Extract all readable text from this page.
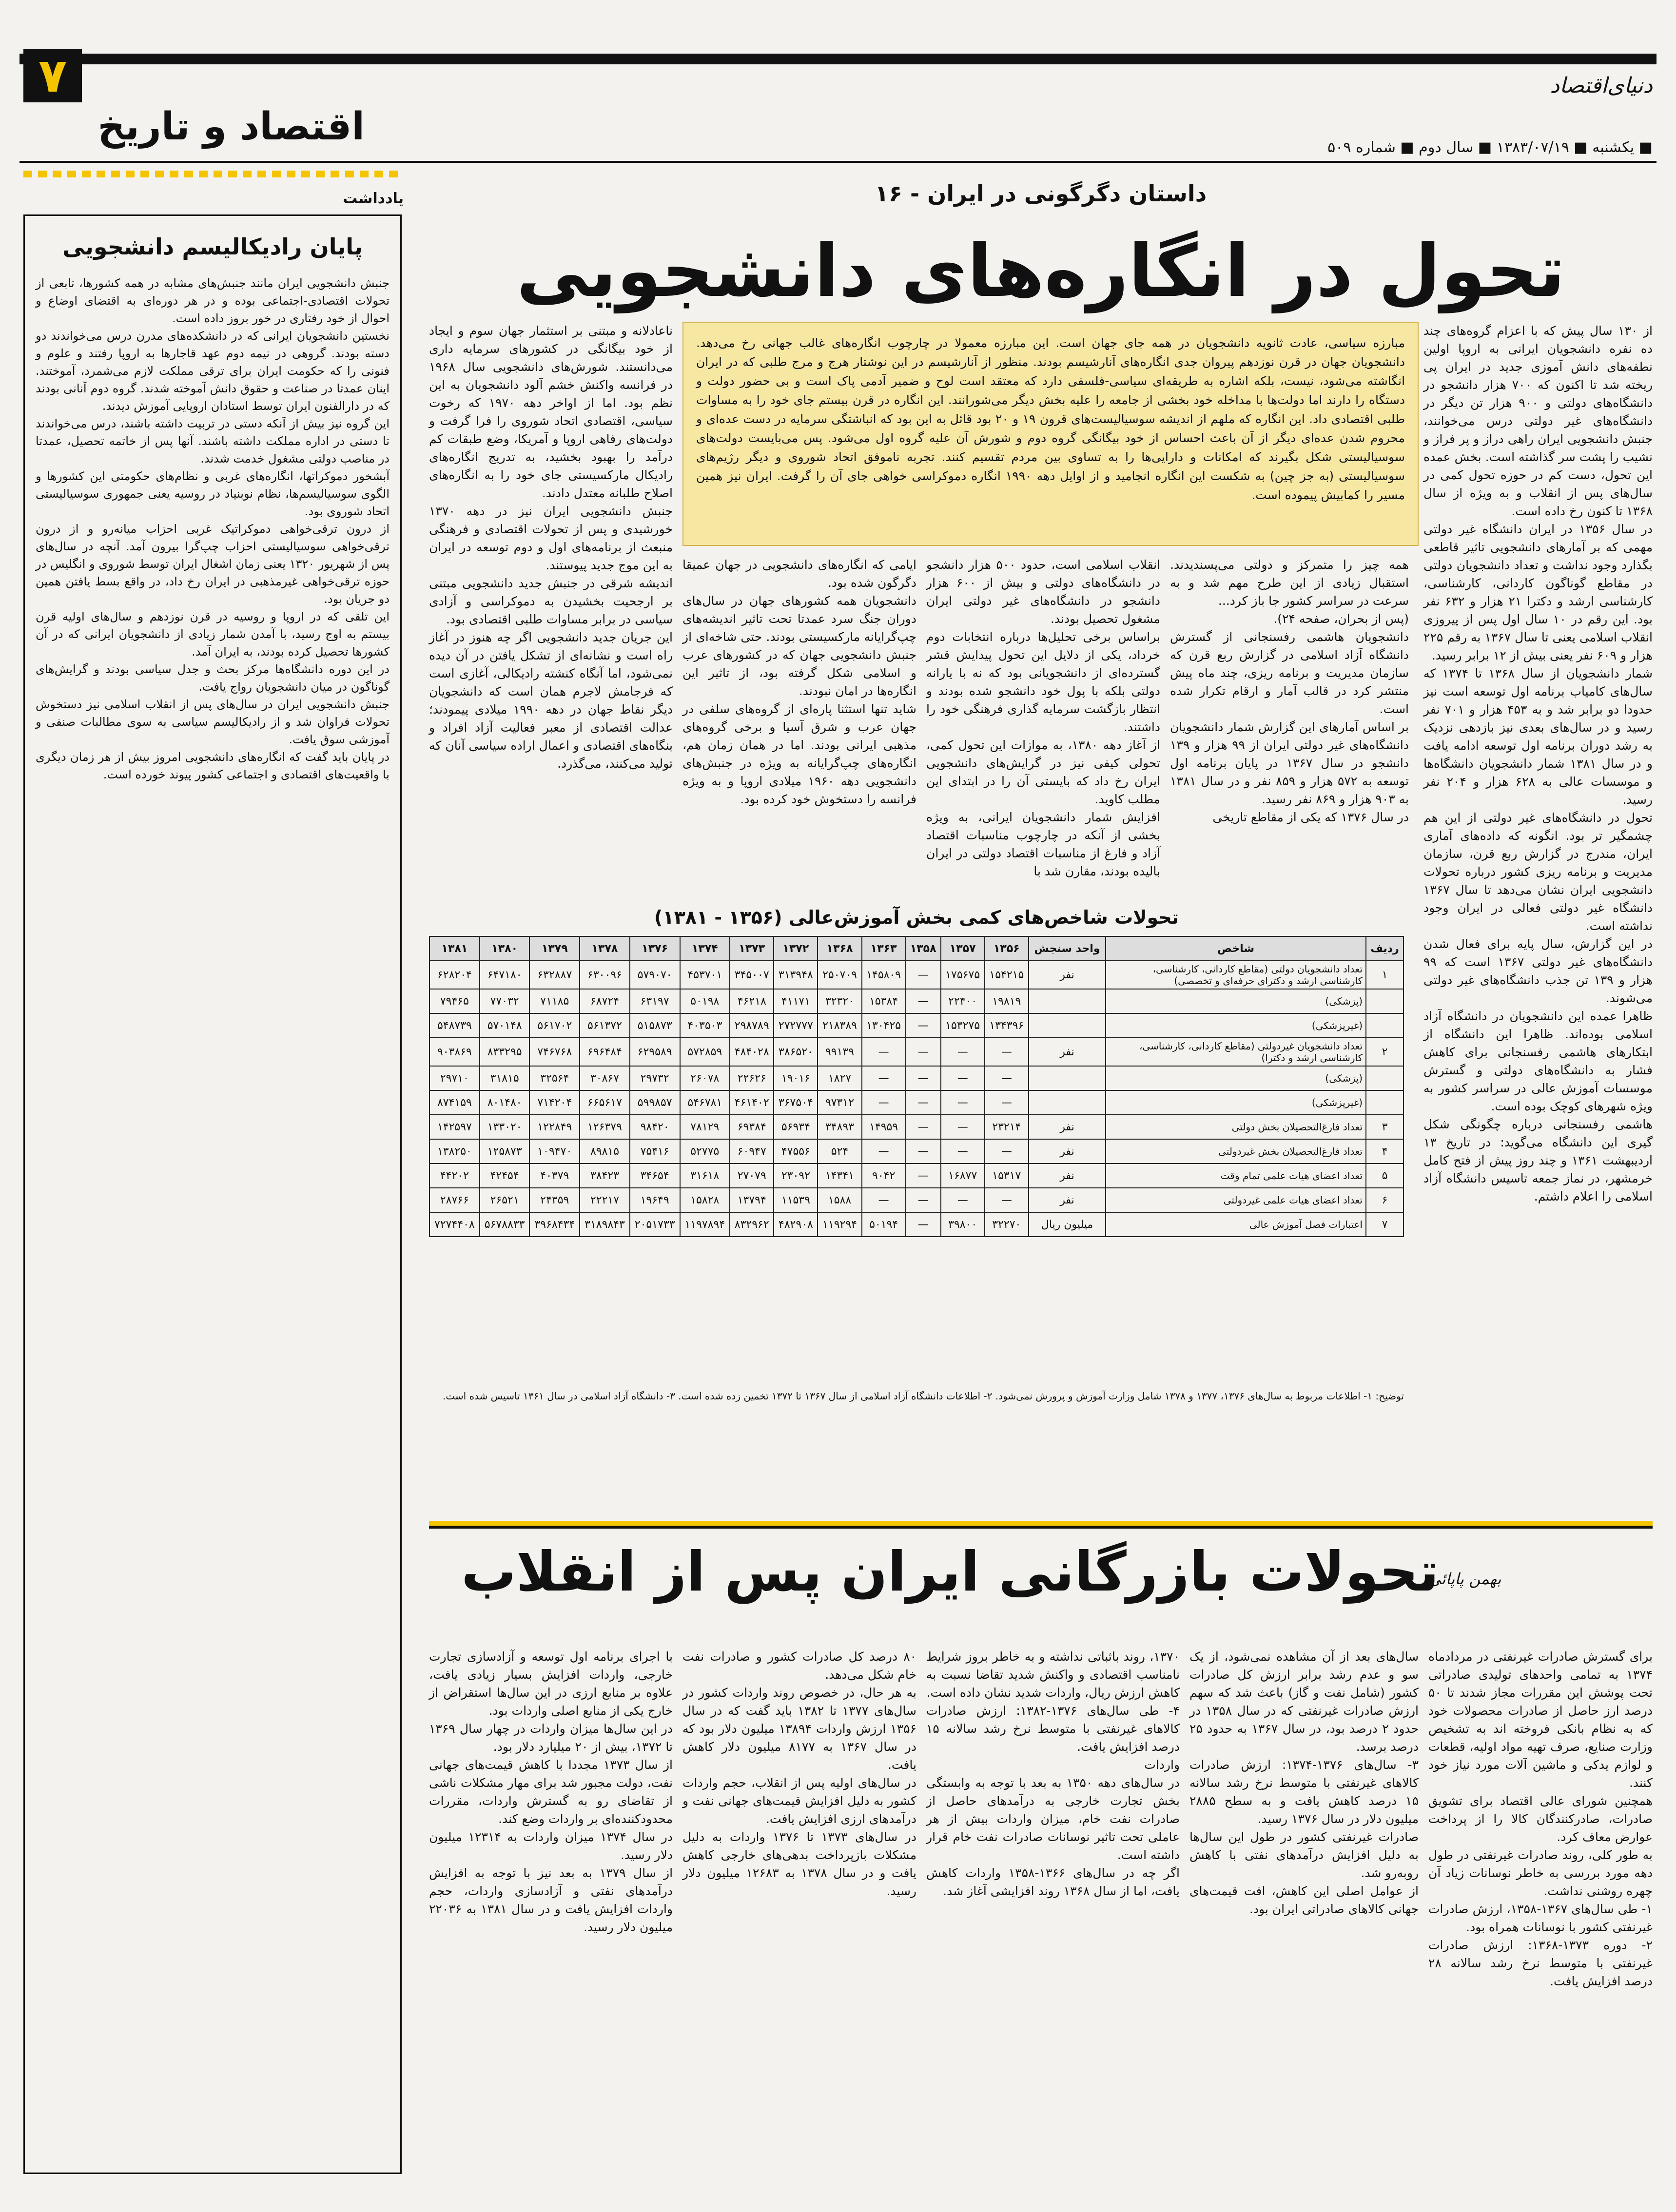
۷
اقتصاد و تاریخ
دنیای‌اقتصاد
■ یکشنبه ■ ۱۳۸۳/۰۷/۱۹ ■ سال دوم ■ شماره ۵۰۹
یادداشت
پایان رادیکالیسم دانشجویی
جنبش دانشجویی ایران مانند جنبش‌های مشابه در همه کشورها، تابعی از تحولات اقتصادی-اجتماعی بوده و در هر دوره‌ای به اقتضای اوضاع و احوال از خود رفتاری در خور بروز داده است.
نخستین دانشجویان ایرانی که در دانشکده‌های مدرن درس می‌خواندند دو دسته بودند. گروهی در نیمه دوم عهد قاجارها به اروپا رفتند و علوم و فنونی را که حکومت ایران برای ترقی مملکت لازم می‌شمرد، آموختند. اینان عمدتا در صناعت و حقوق دانش آموخته شدند. گروه دوم آنانی بودند که در دارالفنون ایران توسط استادان اروپایی آموزش دیدند.
این گروه نیز بیش از آنکه دستی در تربیت داشته باشند، درس می‌خواندند تا دستی در اداره مملکت داشته باشند. آنها پس از خاتمه تحصیل، عمدتا در مناصب دولتی مشغول خدمت شدند.
آبشخور دموکراتها، انگاره‌های غربی و نظام‌های حکومتی این کشورها و الگوی سوسیالیسم‌ها، نظام نوبنیاد در روسیه یعنی جمهوری سوسیالیستی اتحاد شوروی بود.
از درون ترقی‌خواهی دموکراتیک غربی احزاب میانه‌رو و از درون ترقی‌خواهی سوسیالیستی احزاب چپ‌گرا بیرون آمد. آنچه در سال‌های پس از شهریور ۱۳۲۰ یعنی زمان اشغال ایران توسط شوروی و انگلیس در حوزه ترقی‌خواهی غیرمذهبی در ایران رخ داد، در واقع بسط یافتن همین دو جریان بود.
این تلقی که در اروپا و روسیه در قرن نوزدهم و سال‌های اولیه قرن بیستم به اوج رسید، با آمدن شمار زیادی از دانشجویان ایرانی که در آن کشورها تحصیل کرده بودند، به ایران آمد.
در این دوره دانشگاه‌ها مرکز بحث و جدل سیاسی بودند و گرایش‌های گوناگون در میان دانشجویان رواج یافت.
جنبش دانشجویی ایران در سال‌های پس از انقلاب اسلامی نیز دستخوش تحولات فراوان شد و از رادیکالیسم سیاسی به سوی مطالبات صنفی و آموزشی سوق یافت.
در پایان باید گفت که انگاره‌های دانشجویی امروز بیش از هر زمان دیگری با واقعیت‌های اقتصادی و اجتماعی کشور پیوند خورده است.
داستان دگرگونی در ایران - ۱۶
تحول در انگاره‌های دانشجویی
مبارزه سیاسی، عادت ثانویه دانشجویان در همه جای جهان است. این مبارزه معمولا در چارچوب انگاره‌های غالب جهانی رخ می‌دهد. دانشجویان جهان در قرن نوزدهم پیروان جدی انگاره‌های آنارشیسم بودند. منظور از آنارشیسم در این نوشتار هرج و مرج طلبی که در ایران انگاشته می‌شود، نیست، بلکه اشاره به طریقه‌ای سیاسی-فلسفی دارد که معتقد است لوح و ضمیر آدمی پاک است و بی حضور دولت و دستگاه را دارند اما دولت‌ها با مداخله خود بخشی از جامعه را علیه بخش دیگر می‌شورانند. این انگاره در قرن بیستم جای خود را به مساوات طلبی اقتصادی داد. این انگاره که ملهم از اندیشه سوسیالیست‌های قرون ۱۹ و ۲۰ بود قائل به این بود که انباشتگی سرمایه در دست عده‌ای و محروم شدن عده‌ای دیگر از آن باعث احساس از خود بیگانگی گروه دوم و شورش آن علیه گروه اول می‌شود. پس می‌بایست دولت‌های سوسیالیستی شکل بگیرند که امکانات و دارایی‌ها را به تساوی بین مردم تقسیم کنند. تجربه ناموفق اتحاد شوروی و دیگر رژیم‌های سوسیالیستی (به جز چین) به شکست این انگاره انجامید و از اوایل دهه ۱۹۹۰ انگاره دموکراسی خواهی جای آن را گرفت. ایران نیز همین مسیر را کمابیش پیموده است.
از ۱۳۰ سال پیش که با اعزام گروه‌های چند ده نفره دانشجویان ایرانی به اروپا اولین نطفه‌های دانش آموزی جدید در ایران پی ریخته شد تا اکنون که ۷۰۰ هزار دانشجو در دانشگاه‌های دولتی و ۹۰۰ هزار تن دیگر در دانشگاه‌های غیر دولتی درس می‌خوانند، جنبش دانشجویی ایران راهی دراز و پر فراز و نشیب را پشت سر گذاشته است. بخش عمده این تحول، دست کم در حوزه تحول کمی در سال‌های پس از انقلاب و به ویژه از سال ۱۳۶۸ تا کنون رخ داده است.
در سال ۱۳۵۶ در ایران دانشگاه غیر دولتی مهمی که بر آمارهای دانشجویی تاثیر قاطعی بگذارد وجود نداشت و تعداد دانشجویان دولتی در مقاطع گوناگون کاردانی، کارشناسی، کارشناسی ارشد و دکترا ۲۱ هزار و ۶۳۲ نفر بود. این رقم در ۱۰ سال اول پس از پیروزی انقلاب اسلامی یعنی تا سال ۱۳۶۷ به رقم ۲۲۵ هزار و ۶۰۹ نفر یعنی بیش از ۱۲ برابر رسید.
شمار دانشجویان از سال ۱۳۶۸ تا ۱۳۷۴ که سال‌های کامیاب برنامه اول توسعه است نیز حدودا دو برابر شد و به ۴۵۳ هزار و ۷۰۱ نفر رسید و در سال‌های بعدی نیز بازدهی نزدیک به رشد دوران برنامه اول توسعه ادامه یافت و در سال ۱۳۸۱ شمار دانشجویان دانشگاه‌ها و موسسات عالی به ۶۲۸ هزار و ۲۰۴ نفر رسید.
تحول در دانشگاه‌های غیر دولتی از این هم چشمگیر تر بود. انگونه که داده‌های آماری ایران، مندرج در گزارش ربع قرن، سازمان مدیریت و برنامه ریزی کشور درباره تحولات دانشجویی ایران نشان می‌دهد تا سال ۱۳۶۷ دانشگاه غیر دولتی فعالی در ایران وجود نداشته است.
در این گزارش، سال پایه برای فعال شدن دانشگاه‌های غیر دولتی ۱۳۶۷ است که ۹۹ هزار و ۱۳۹ تن جذب دانشگاه‌های غیر دولتی می‌شوند.
ظاهرا عمده این دانشجویان در دانشگاه آزاد اسلامی بوده‌اند. ظاهرا این دانشگاه از ابتکارهای هاشمی رفسنجانی برای کاهش فشار به دانشگاه‌های دولتی و گسترش موسسات آموزش عالی در سراسر کشور به ویژه شهرهای کوچک بوده است.
هاشمی رفسنجانی درباره چگونگی شکل گیری این دانشگاه می‌گوید: در تاریخ ۱۳ اردیبهشت ۱۳۶۱ و چند روز پیش از فتح کامل خرمشهر، در نماز جمعه تاسیس دانشگاه آزاد اسلامی را اعلام داشتم.
همه چیز را متمرکز و دولتی می‌پسندیدند. استقبال زیادی از این طرح مهم شد و به سرعت در سراسر کشور جا باز کرد...
(پس از بحران، صفحه ۲۴).
دانشجویان هاشمی رفسنجانی از گسترش دانشگاه آزاد اسلامی در گزارش ربع قرن که سازمان مدیریت و برنامه ریزی، چند ماه پیش منتشر کرد در قالب آمار و ارقام تکرار شده است.
بر اساس آمارهای این گزارش شمار دانشجویان دانشگاه‌های غیر دولتی ایران از ۹۹ هزار و ۱۳۹ دانشجو در سال ۱۳۶۷ در پایان برنامه اول توسعه به ۵۷۲ هزار و ۸۵۹ نفر و در سال ۱۳۸۱ به ۹۰۳ هزار و ۸۶۹ نفر رسید.
در سال ۱۳۷۶ که یکی از مقاطع تاریخی
انقلاب اسلامی است، حدود ۵۰۰ هزار دانشجو در دانشگاه‌های دولتی و بیش از ۶۰۰ هزار دانشجو در دانشگاه‌های غیر دولتی ایران مشغول تحصیل بودند.
براساس برخی تحلیل‌ها درباره انتخابات دوم خرداد، یکی از دلایل این تحول پیدایش قشر گسترده‌ای از دانشجویانی بود که نه با یارانه دولتی بلکه با پول خود دانشجو شده بودند و انتظار بازگشت سرمایه گذاری فرهنگی خود را داشتند.
از آغاز دهه ۱۳۸۰، به موازات این تحول کمی، تحولی کیفی نیز در گرایش‌های دانشجویی ایران رخ داد که بایستی آن را در ابتدای این مطلب کاوید.
افزایش شمار دانشجویان ایرانی، به ویژه بخشی از آنکه در چارچوب مناسبات اقتصاد آزاد و فارغ از مناسبات اقتصاد دولتی در ایران بالیده بودند، مقارن شد با
ایامی که انگاره‌های دانشجویی در جهان عمیقا دگرگون شده بود.
دانشجویان همه کشورهای جهان در سال‌های دوران جنگ سرد عمدتا تحت تاثیر اندیشه‌های چپ‌گرایانه مارکسیستی بودند. حتی شاخه‌ای از جنبش دانشجویی جهان که در کشورهای عرب و اسلامی شکل گرفته بود، از تاثیر این انگاره‌ها در امان نبودند.
شاید تنها استثنا پاره‌ای از گروه‌های سلفی در جهان عرب و شرق آسیا و برخی گروه‌های مذهبی ایرانی بودند. اما در همان زمان هم، انگاره‌های چپ‌گرایانه به ویژه در جنبش‌های دانشجویی دهه ۱۹۶۰ میلادی اروپا و به ویژه فرانسه را دستخوش خود کرده بود.
ناعادلانه و مبتنی بر استثمار جهان سوم و ایجاد از خود بیگانگی در کشورهای سرمایه داری می‌دانستند. شورش‌های دانشجویی سال ۱۹۶۸ در فرانسه واکنش خشم آلود دانشجویان به این نظم بود. اما از اواخر دهه ۱۹۷۰ که رخوت سیاسی، اقتصادی اتحاد شوروی را فرا گرفت و دولت‌های رفاهی اروپا و آمریکا، وضع طبقات کم درآمد را بهبود بخشید، به تدریج انگاره‌های رادیکال مارکسیستی جای خود را به انگاره‌های اصلاح طلبانه معتدل دادند.
جنبش دانشجویی ایران نیز در دهه ۱۳۷۰ خورشیدی و پس از تحولات اقتصادی و فرهنگی منبعث از برنامه‌های اول و دوم توسعه در ایران به این موج جدید پیوستند.
اندیشه شرقی در جنبش جدید دانشجویی مبتنی بر ارجحیت بخشیدن به دموکراسی و آزادی سیاسی در برابر مساوات طلبی اقتصادی بود.
این جریان جدید دانشجویی اگر چه هنوز در آغاز راه است و نشانه‌ای از تشکل یافتن در آن دیده نمی‌شود، اما آنگاه کنشته رادیکالی، آغازی است که فرجامش لاجرم همان است که دانشجویان دیگر نقاط جهان در دهه ۱۹۹۰ میلادی پیمودند؛ عدالت اقتصادی از معبر فعالیت آزاد افراد و بنگاه‌های اقتصادی و اعمال اراده سیاسی آنان که تولید می‌کنند، می‌گذرد.
تحولات شاخص‌های کمی بخش آموزش‌عالی (۱۳۵۶ - ۱۳۸۱)
ردیف	شاخص	واحد سنجش	۱۳۵۶	۱۳۵۷	۱۳۵۸	۱۳۶۳	۱۳۶۸	۱۳۷۲	۱۳۷۳	۱۳۷۴	۱۳۷۶	۱۳۷۸	۱۳۷۹	۱۳۸۰	۱۳۸۱
۱	تعداد دانشجویان دولتی (مقاطع کاردانی، کارشناسی، کارشناسی ارشد و دکترای حرفه‌ای و تخصصی)	نفر	۱۵۴۲۱۵	۱۷۵۶۷۵	—	۱۴۵۸۰۹	۲۵۰۷۰۹	۳۱۳۹۴۸	۳۴۵۰۰۷	۴۵۳۷۰۱	۵۷۹۰۷۰	۶۳۰۰۹۶	۶۳۲۸۸۷	۶۴۷۱۸۰	۶۲۸۲۰۴
	(پزشکی)		۱۹۸۱۹	۲۲۴۰۰	—	۱۵۳۸۴	۳۲۳۲۰	۴۱۱۷۱	۴۶۲۱۸	۵۰۱۹۸	۶۳۱۹۷	۶۸۷۲۴	۷۱۱۸۵	۷۷۰۳۲	۷۹۴۶۵
	(غیرپزشکی)		۱۳۴۳۹۶	۱۵۳۲۷۵	—	۱۳۰۴۲۵	۲۱۸۳۸۹	۲۷۲۷۷۷	۲۹۸۷۸۹	۴۰۳۵۰۳	۵۱۵۸۷۳	۵۶۱۳۷۲	۵۶۱۷۰۲	۵۷۰۱۴۸	۵۴۸۷۳۹
۲	تعداد دانشجویان غیردولتی (مقاطع کاردانی، کارشناسی، کارشناسی ارشد و دکترا)	نفر	—	—	—	—	۹۹۱۳۹	۳۸۶۵۲۰	۴۸۴۰۲۸	۵۷۲۸۵۹	۶۲۹۵۸۹	۶۹۶۴۸۴	۷۴۶۷۶۸	۸۳۳۲۹۵	۹۰۳۸۶۹
	(پزشکی)		—	—	—	—	۱۸۲۷	۱۹۰۱۶	۲۲۶۲۶	۲۶۰۷۸	۲۹۷۳۲	۳۰۸۶۷	۳۲۵۶۴	۳۱۸۱۵	۲۹۷۱۰
	(غیرپزشکی)		—	—	—	—	۹۷۳۱۲	۳۶۷۵۰۴	۴۶۱۴۰۲	۵۴۶۷۸۱	۵۹۹۸۵۷	۶۶۵۶۱۷	۷۱۴۲۰۴	۸۰۱۴۸۰	۸۷۴۱۵۹
۳	تعداد فارغ‌التحصیلان بخش دولتی	نفر	۲۳۲۱۴	—	—	۱۴۹۵۹	۳۴۸۹۳	۵۶۹۳۴	۶۹۳۸۴	۷۸۱۲۹	۹۸۴۲۰	۱۲۶۳۷۹	۱۲۲۸۴۹	۱۳۳۰۲۰	۱۴۲۵۹۷
۴	تعداد فارغ‌التحصیلان بخش غیردولتی	نفر	—	—	—	—	۵۲۴	۴۷۵۵۶	۶۰۹۴۷	۵۲۷۷۵	۷۵۴۱۶	۸۹۸۱۵	۱۰۹۴۷۰	۱۲۵۸۷۳	۱۳۸۲۵۰
۵	تعداد اعضای هیات علمی تمام وقت	نفر	۱۵۳۱۷	۱۶۸۷۷	—	۹۰۴۲	۱۴۳۴۱	۲۳۰۹۲	۲۷۰۷۹	۳۱۶۱۸	۳۴۶۵۴	۳۸۴۲۳	۴۰۳۷۹	۴۲۴۵۴	۴۴۲۰۲
۶	تعداد اعضای هیات علمی غیردولتی	نفر	—	—	—	—	۱۵۸۸	۱۱۵۳۹	۱۳۷۹۴	۱۵۸۲۸	۱۹۶۴۹	۲۲۲۱۷	۲۴۳۵۹	۲۶۵۲۱	۲۸۷۶۶
۷	اعتبارات فصل آموزش عالی	میلیون ریال	۳۲۲۷۰	۳۹۸۰۰	—	۵۰۱۹۴	۱۱۹۲۹۴	۴۸۲۹۰۸	۸۳۲۹۶۲	۱۱۹۷۸۹۴	۲۰۵۱۷۳۳	۳۱۸۹۸۴۳	۳۹۶۸۴۳۴	۵۶۷۸۸۳۳	۷۲۷۴۴۰۸
توضیح: ۱- اطلاعات مربوط به سال‌های ۱۳۷۶، ۱۳۷۷ و ۱۳۷۸ شامل وزارت آموزش و پرورش نمی‌شود. ۲- اطلاعات دانشگاه آزاد اسلامی از سال ۱۳۶۷ تا ۱۳۷۲ تخمین زده شده است. ۳- دانشگاه آزاد اسلامی در سال ۱۳۶۱ تاسیس شده است.
تحولات بازرگانی ایران پس از انقلاب
بهمن پاپائی
برای گسترش صادرات غیرنفتی در مردادماه ۱۳۷۴ به تمامی واحدهای تولیدی صادراتی تحت پوشش این مقررات مجاز شدند تا ۵۰ درصد ارز حاصل از صادرات محصولات خود که به نظام بانکی فروخته اند به تشخیص وزارت صنایع، صرف تهیه مواد اولیه، قطعات و لوازم یدکی و ماشین آلات مورد نیاز خود کنند.
همچنین شورای عالی اقتصاد برای تشویق صادرات، صادرکنندگان کالا را از پرداخت عوارض معاف کرد.
به طور کلی، روند صادرات غیرنفتی در طول دهه مورد بررسی به خاطر نوسانات زیاد آن چهره روشنی نداشت.
۱- طی سال‌های ۱۳۶۷-۱۳۵۸، ارزش صادرات غیرنفتی کشور با نوسانات همراه بود.
۲- دوره ۱۳۷۳-۱۳۶۸: ارزش صادرات غیرنفتی با متوسط نرخ رشد سالانه ۲۸ درصد افزایش یافت.
سال‌های بعد از آن مشاهده نمی‌شود، از یک سو و عدم رشد برابر ارزش کل صادرات کشور (شامل نفت و گاز) باعث شد که سهم ارزش صادرات غیرنفتی که در سال ۱۳۵۸ در حدود ۲ درصد بود، در سال ۱۳۶۷ به حدود ۲۵ درصد برسد.
۳- سال‌های ۱۳۷۶-۱۳۷۴: ارزش صادرات کالاهای غیرنفتی با متوسط نرخ رشد سالانه ۱۵ درصد کاهش یافت و به سطح ۲۸۸۵ میلیون دلار در سال ۱۳۷۶ رسید.
صادرات غیرنفتی کشور در طول این سال‌ها به دلیل افزایش درآمدهای نفتی با کاهش روبه‌رو شد.
از عوامل اصلی این کاهش، افت قیمت‌های جهانی کالاهای صادراتی ایران بود.
۱۳۷۰، روند باثباتی نداشته و به خاطر بروز شرایط نامناسب اقتصادی و واکنش شدید تقاضا نسبت به کاهش ارزش ریال، واردات شدید نشان داده است.
۴- طی سال‌های ۱۳۷۶-۱۳۸۲: ارزش صادرات کالاهای غیرنفتی با متوسط نرخ رشد سالانه ۱۵ درصد افزایش یافت.
واردات
در سال‌های دهه ۱۳۵۰ به بعد با توجه به وابستگی بخش تجارت خارجی به درآمدهای حاصل از صادرات نفت خام، میزان واردات بیش از هر عاملی تحت تاثیر نوسانات صادرات نفت خام قرار داشته است.
اگر چه در سال‌های ۱۳۶۶-۱۳۵۸ واردات کاهش یافت، اما از سال ۱۳۶۸ روند افزایشی آغاز شد.
۸۰ درصد کل صادرات کشور و صادرات نفت خام شکل می‌دهد.
به هر حال، در خصوص روند واردات کشور در سال‌های ۱۳۷۷ تا ۱۳۸۲ باید گفت که در سال ۱۳۵۶ ارزش واردات ۱۳۸۹۴ میلیون دلار بود که در سال ۱۳۶۷ به ۸۱۷۷ میلیون دلار کاهش یافت.
در سال‌های اولیه پس از انقلاب، حجم واردات کشور به دلیل افزایش قیمت‌های جهانی نفت و درآمدهای ارزی افزایش یافت.
در سال‌های ۱۳۷۳ تا ۱۳۷۶ واردات به دلیل مشکلات بازپرداخت بدهی‌های خارجی کاهش یافت و در سال ۱۳۷۸ به ۱۲۶۸۳ میلیون دلار رسید.
با اجرای برنامه اول توسعه و آزادسازی تجارت خارجی، واردات افزایش بسیار زیادی یافت، علاوه بر منابع ارزی در این سال‌ها استقراض از خارج یکی از منابع اصلی واردات بود.
در این سال‌ها میزان واردات در چهار سال ۱۳۶۹ تا ۱۳۷۲، بیش از ۲۰ میلیارد دلار بود.
از سال ۱۳۷۳ مجددا با کاهش قیمت‌های جهانی نفت، دولت مجبور شد برای مهار مشکلات ناشی از تقاضای رو به گسترش واردات، مقررات محدودکننده‌ای بر واردات وضع کند.
در سال ۱۳۷۴ میزان واردات به ۱۲۳۱۴ میلیون دلار رسید.
از سال ۱۳۷۹ به بعد نیز با توجه به افزایش درآمدهای نفتی و آزادسازی واردات، حجم واردات افزایش یافت و در سال ۱۳۸۱ به ۲۲۰۳۶ میلیون دلار رسید.
